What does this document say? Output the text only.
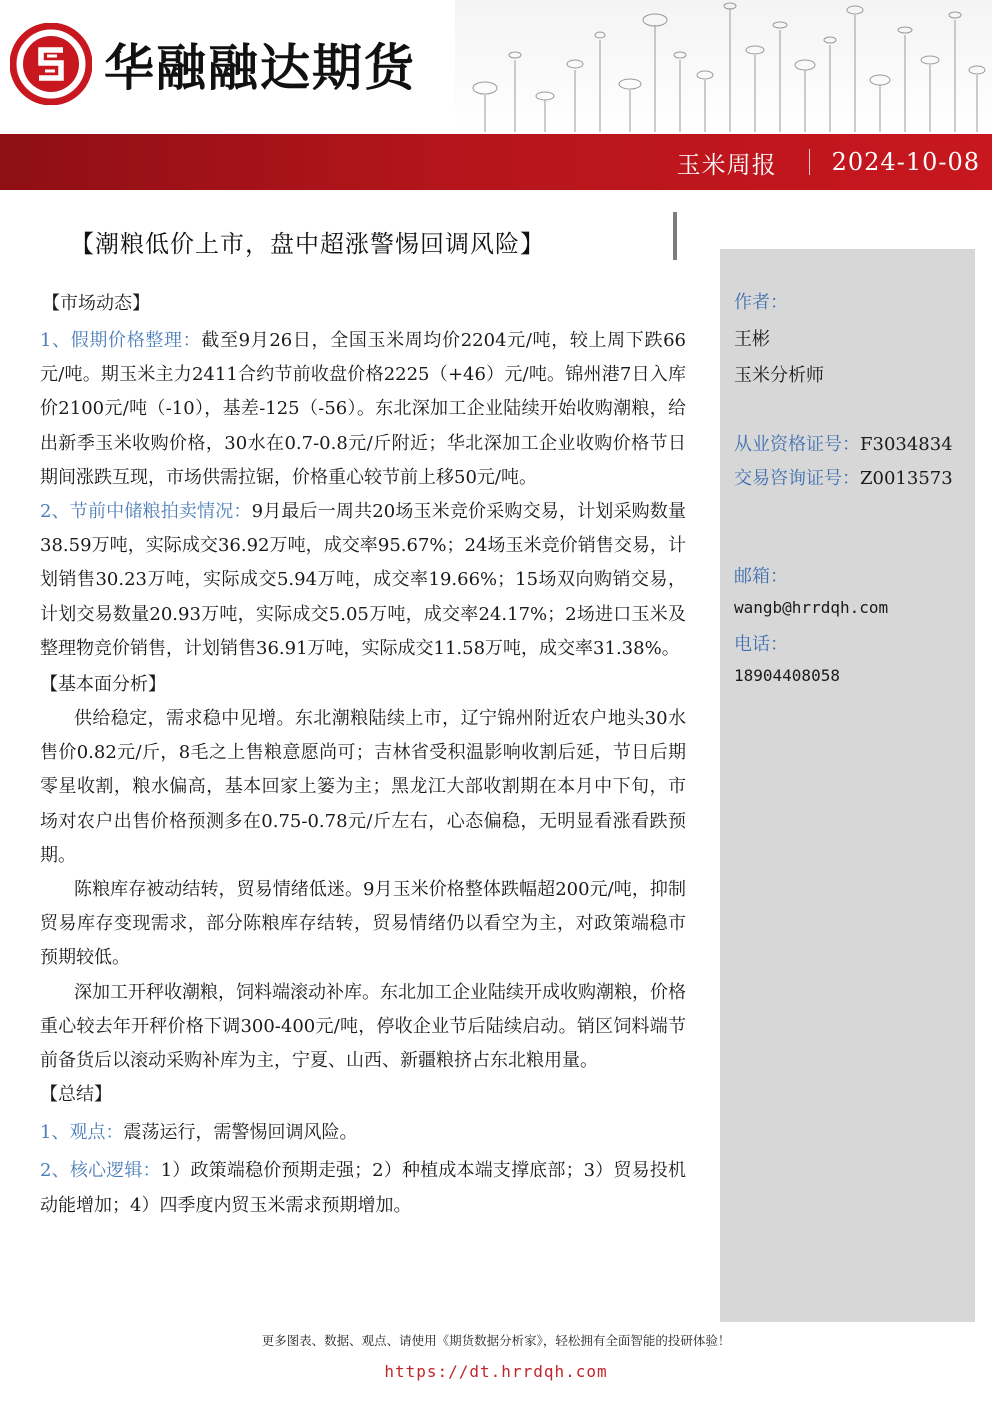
华融融达期货
玉米周报 2024-10-08
【潮粮低价上市，盘中超涨警惕回调风险】

【市场动态】

1、假期价格整理：截至9月26日，全国玉米周均价2204元/吨，较上周下跌66元/吨。期玉米主力2411合约节前收盘价格2225（+46）元/吨。锦州港7日入库价2100元/吨（-10），基差-125（-56）。东北深加工企业陆续开始收购潮粮，给出新季玉米收购价格，30水在0.7-0.8元/斤附近；华北深加工企业收购价格节日期间涨跌互现，市场供需拉锯，价格重心较节前上移50元/吨。

2、节前中储粮拍卖情况：9月最后一周共20场玉米竞价采购交易，计划采购数量38.59万吨，实际成交36.92万吨，成交率95.67%；24场玉米竞价销售交易，计划销售30.23万吨，实际成交5.94万吨，成交率19.66%；15场双向购销交易，计划交易数量20.93万吨，实际成交5.05万吨，成交率24.17%；2场进口玉米及整理物竞价销售，计划销售36.91万吨，实际成交11.58万吨，成交率31.38%。

【基本面分析】

供给稳定，需求稳中见增。东北潮粮陆续上市，辽宁锦州附近农户地头30水售价0.82元/斤，8毛之上售粮意愿尚可；吉林省受积温影响收割后延，节日后期零星收割，粮水偏高，基本回家上篓为主；黑龙江大部收割期在本月中下旬，市场对农户出售价格预测多在0.75-0.78元/斤左右，心态偏稳，无明显看涨看跌预期。

陈粮库存被动结转，贸易情绪低迷。9月玉米价格整体跌幅超200元/吨，抑制贸易库存变现需求，部分陈粮库存结转，贸易情绪仍以看空为主，对政策端稳市预期较低。

深加工开秤收潮粮，饲料端滚动补库。东北加工企业陆续开成收购潮粮，价格重心较去年开秤价格下调300-400元/吨，停收企业节后陆续启动。销区饲料端节前备货后以滚动采购补库为主，宁夏、山西、新疆粮挤占东北粮用量。

【总结】

1、观点：震荡运行，需警惕回调风险。

2、核心逻辑：1）政策端稳价预期走强；2）种植成本端支撑底部；3）贸易投机动能增加；4）四季度内贸玉米需求预期增加。

作者：
王彬
玉米分析师
从业资格证号：F3034834
交易咨询证号：Z0013573
邮箱：
wangb@hrrdqh.com
电话：
18904408058
更多图表、数据、观点、请使用《期货数据分析家》，轻松拥有全面智能的投研体验！
https://dt.hrrdqh.com
